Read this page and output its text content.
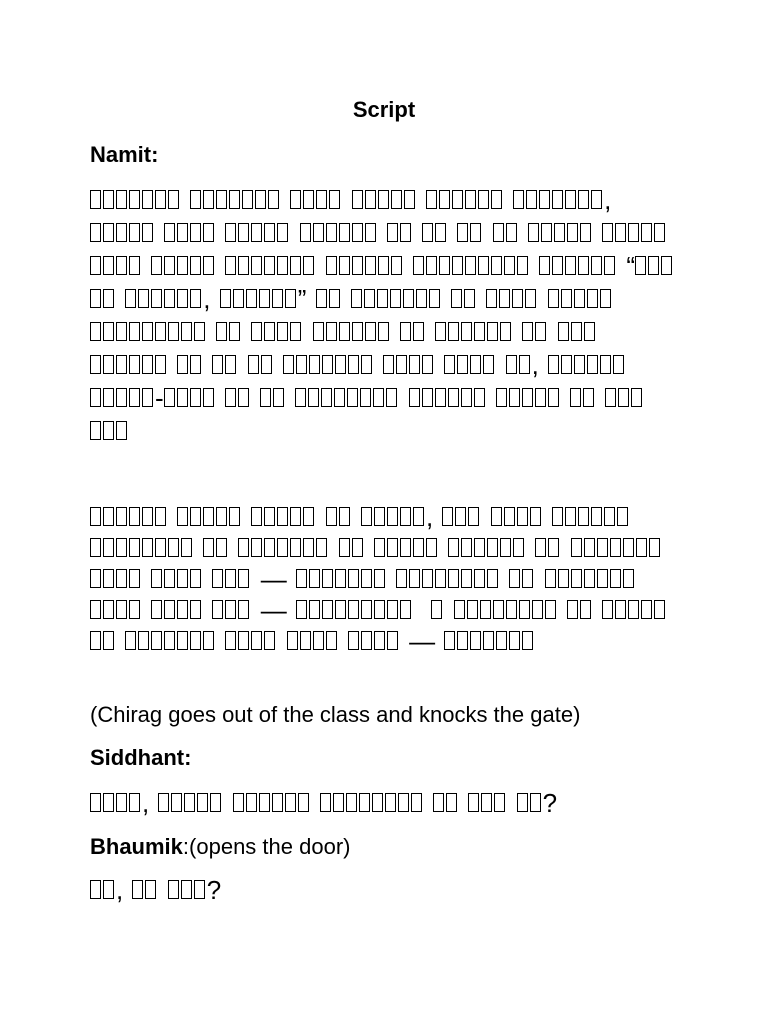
Script
Namit:
,

“
,	”

,
-
,

—
—
—
(Chirag goes out of the class and knocks the gate)
Siddhant:
,	?
Bhaumik:(opens the door)
,	?
